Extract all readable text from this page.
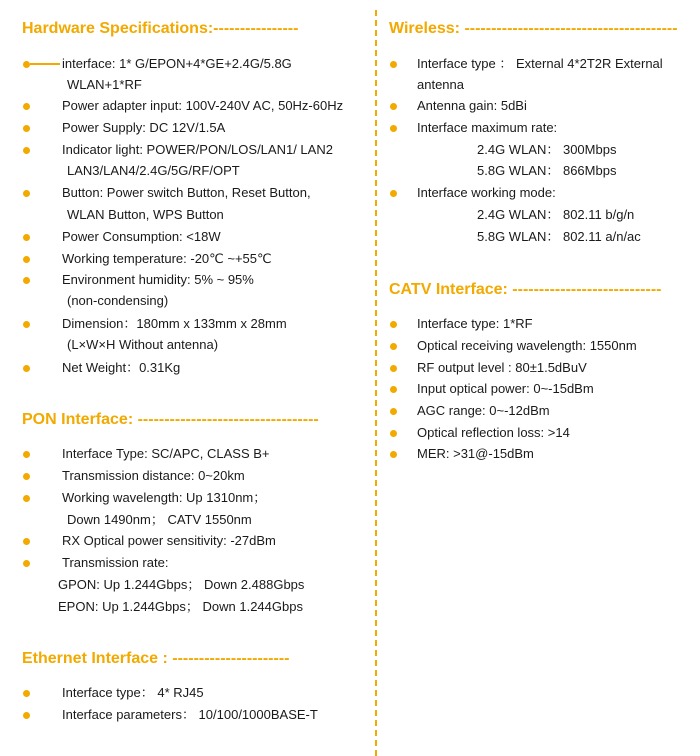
Hardware Specifications:----------------
interface: 1* G/EPON+4*GE+2.4G/5.8G
WLAN+1*RF
Power adapter input: 100V-240V AC, 50Hz-60Hz
Power Supply: DC 12V/1.5A
Indicator light: POWER/PON/LOS/LAN1/ LAN2
LAN3/LAN4/2.4G/5G/RF/OPT
Button: Power switch Button, Reset Button,
WLAN Button, WPS Button
Power Consumption: <18W
Working temperature: -20℃ ~+55℃
Environment humidity: 5% ~ 95%
(non-condensing)
Dimension：180mm x 133mm x 28mm
(L×W×H Without antenna)
Net Weight：0.31Kg
PON Interface: ----------------------------------
Interface Type: SC/APC, CLASS B+
Transmission distance: 0~20km
Working wavelength: Up 1310nm；
Down 1490nm； CATV 1550nm
RX Optical power sensitivity: -27dBm
Transmission rate:
GPON: Up 1.244Gbps； Down 2.488Gbps
EPON: Up 1.244Gbps； Down 1.244Gbps
Ethernet Interface : ----------------------
Interface type： 4* RJ45
Interface parameters： 10/100/1000BASE-T
Wireless: ----------------------------------------
Interface type ： External 4*2T2R External
antenna
Antenna gain: 5dBi
Interface maximum rate:
2.4G WLAN： 300Mbps
5.8G WLAN： 866Mbps
Interface working mode:
2.4G WLAN： 802.11 b/g/n
5.8G WLAN： 802.11 a/n/ac
CATV Interface: ----------------------------
Interface type: 1*RF
Optical receiving wavelength: 1550nm
RF output level : 80±1.5dBuV
Input optical power: 0~-15dBm
AGC range: 0~-12dBm
Optical reflection loss: >14
MER: >31@-15dBm
